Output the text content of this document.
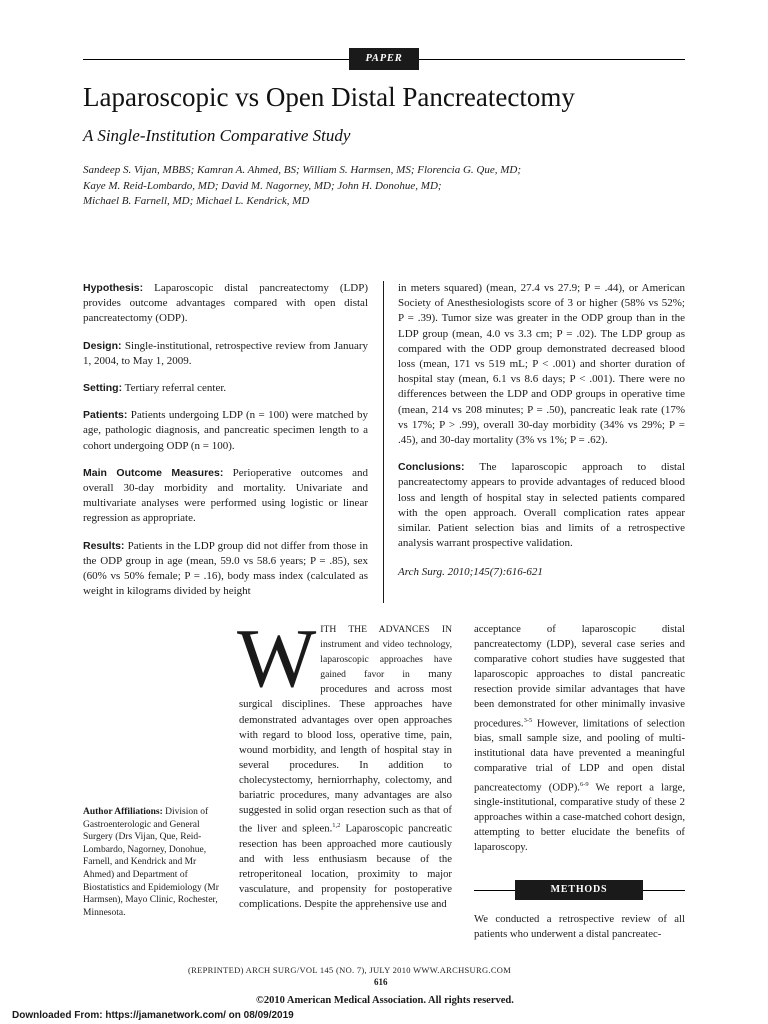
PAPER
Laparoscopic vs Open Distal Pancreatectomy
A Single-Institution Comparative Study
Sandeep S. Vijan, MBBS; Kamran A. Ahmed, BS; William S. Harmsen, MS; Florencia G. Que, MD;
Kaye M. Reid-Lombardo, MD; David M. Nagorney, MD; John H. Donohue, MD;
Michael B. Farnell, MD; Michael L. Kendrick, MD

Hypothesis: Laparoscopic distal pancreatectomy (LDP) provides outcome advantages compared with open distal pancreatectomy (ODP).

Design: Single-institutional, retrospective review from January 1, 2004, to May 1, 2009.

Setting: Tertiary referral center.

Patients: Patients undergoing LDP (n = 100) were matched by age, pathologic diagnosis, and pancreatic specimen length to a cohort undergoing ODP (n = 100).

Main Outcome Measures: Perioperative outcomes and overall 30-day morbidity and mortality. Univariate and multivariate analyses were performed using logistic or linear regression as appropriate.

Results: Patients in the LDP group did not differ from those in the ODP group in age (mean, 59.0 vs 58.6 years; P = .85), sex (60% vs 50% female; P = .16), body mass index (calculated as weight in kilograms divided by height

in meters squared) (mean, 27.4 vs 27.9; P = .44), or American Society of Anesthesiologists score of 3 or higher (58% vs 52%; P = .39). Tumor size was greater in the ODP group than in the LDP group (mean, 4.0 vs 3.3 cm; P = .02). The LDP group as compared with the ODP group demonstrated decreased blood loss (mean, 171 vs 519 mL; P < .001) and shorter duration of hospital stay (mean, 6.1 vs 8.6 days; P < .001). There were no differences between the LDP and ODP groups in operative time (mean, 214 vs 208 minutes; P = .50), pancreatic leak rate (17% vs 17%; P > .99), overall 30-day morbidity (34% vs 29%; P = .45), and 30-day mortality (3% vs 1%; P = .62).

Conclusions: The laparoscopic approach to distal pancreatectomy appears to provide advantages of reduced blood loss and length of hospital stay in selected patients compared with the open approach. Overall complication rates appear similar. Patient selection bias and limits of a retrospective analysis warrant prospective validation.

Arch Surg. 2010;145(7):616-621

Author Affiliations: Division of Gastroenterologic and General Surgery (Drs Vijan, Que, Reid-Lombardo, Nagorney, Donohue, Farnell, and Kendrick and Mr Ahmed) and Department of Biostatistics and Epidemiology (Mr Harmsen), Mayo Clinic, Rochester, Minnesota.
WITH THE ADVANCES IN instrument and video technology, laparoscopic approaches have gained favor in many procedures and across most surgical disciplines. These approaches have demonstrated advantages over open approaches with regard to blood loss, operative time, pain, wound morbidity, and length of hospital stay in several procedures. In addition to cholecystectomy, herniorrhaphy, colectomy, and bariatric procedures, many advantages are also suggested in solid organ resection such as that of the liver and spleen.$^{1,2}$ Laparoscopic pancreatic resection has been approached more cautiously and with less enthusiasm because of the retroperitoneal location, proximity to major vasculature, and propensity for postoperative complications. Despite the apprehensive use and
acceptance of laparoscopic distal pancreatectomy (LDP), several case series and comparative cohort studies have suggested that laparoscopic approaches to distal pancreatic resection provide similar advantages that have been demonstrated for other minimally invasive procedures.$^{3-5}$ However, limitations of selection bias, small sample size, and pooling of multi-institutional data have prevented a meaningful comparative trial of LDP and open distal pancreatectomy (ODP).$^{6-9}$ We report a large, single-institutional, comparative study of these 2 approaches within a case-matched cohort design, attempting to better elucidate the benefits of laparoscopy.
METHODS
We conducted a retrospective review of all patients who underwent a distal pancreatec-
(REPRINTED) ARCH SURG/VOL 145 (NO. 7), JULY 2010 WWW.ARCHSURG.COM
616
©2010 American Medical Association. All rights reserved.
Downloaded From: https://jamanetwork.com/ on 08/09/2019
